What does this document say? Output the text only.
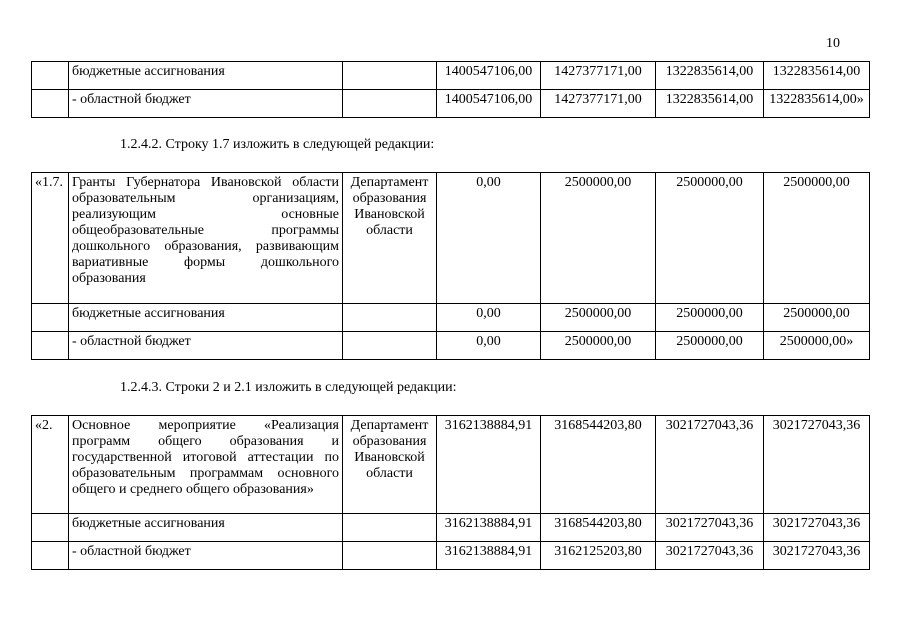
10
	бюджетные ассигнования		1400547106,00	1427377171,00	1322835614,00	1322835614,00
	- областной бюджет		1400547106,00	1427377171,00	1322835614,00	1322835614,00»
1.2.4.2. Строку 1.7 изложить в следующей редакции:
«1.7.	Гранты Губернатора Ивановской области образовательным организациям, реализующим основные общеобразовательные программы дошкольного образования, развивающим вариативные формы дошкольного образования	Департамент образования Ивановской области	0,00	2500000,00	2500000,00	2500000,00
	бюджетные ассигнования		0,00	2500000,00	2500000,00	2500000,00
	- областной бюджет		0,00	2500000,00	2500000,00	2500000,00»
1.2.4.3. Строки 2 и 2.1 изложить в следующей редакции:
«2.	Основное мероприятие «Реализация программ общего образования и государственной итоговой аттестации по образовательным программам основного общего и среднего общего образования»	Департамент образования Ивановской области	3162138884,91	3168544203,80	3021727043,36	3021727043,36
	бюджетные ассигнования		3162138884,91	3168544203,80	3021727043,36	3021727043,36
	- областной бюджет		3162138884,91	3162125203,80	3021727043,36	3021727043,36
